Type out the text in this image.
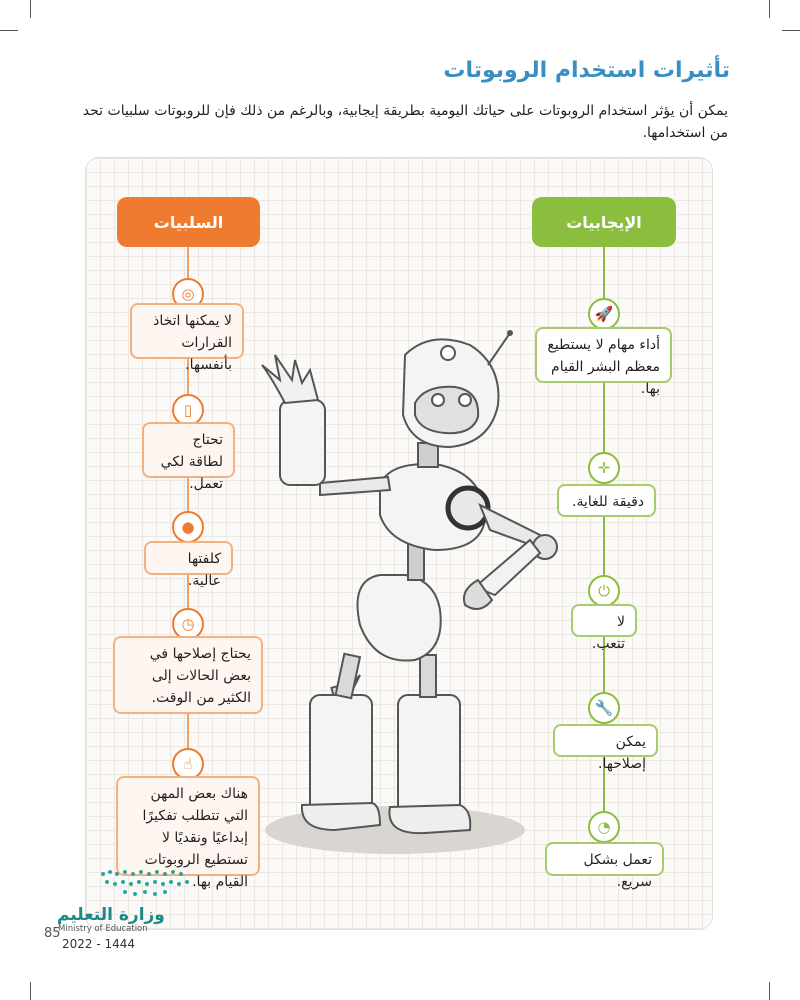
تأثيرات استخدام الروبوتات
يمكن أن يؤثر استخدام الروبوتات على حياتك اليومية بطريقة إيجابية، وبالرغم من ذلك فإن للروبوتات سلبيات تحد من استخدامها.
الإيجابيات
السلبيات
🚀
أداء مهام لا يستطيع معظم البشر القيام بها.
✛
دقيقة للغاية.
⏻
لا تتعب.
🔧
يمكن إصلاحها.
◔
تعمل بشكل سريع.
◎
لا يمكنها اتخاذ القرارات بأنفسها.
▯
تحتاج لطاقة لكي تعمل.
●
كلفتها عالية.
◷
يحتاج إصلاحها في بعض الحالات إلى الكثير من الوقت.
☝
هناك بعض المهن التي تتطلب تفكيرًا إبداعيًا ونقديًا لا تستطيع الروبوتات القيام بها.
وزارة التعليم
Ministry of Education
85
2022 - 1444
